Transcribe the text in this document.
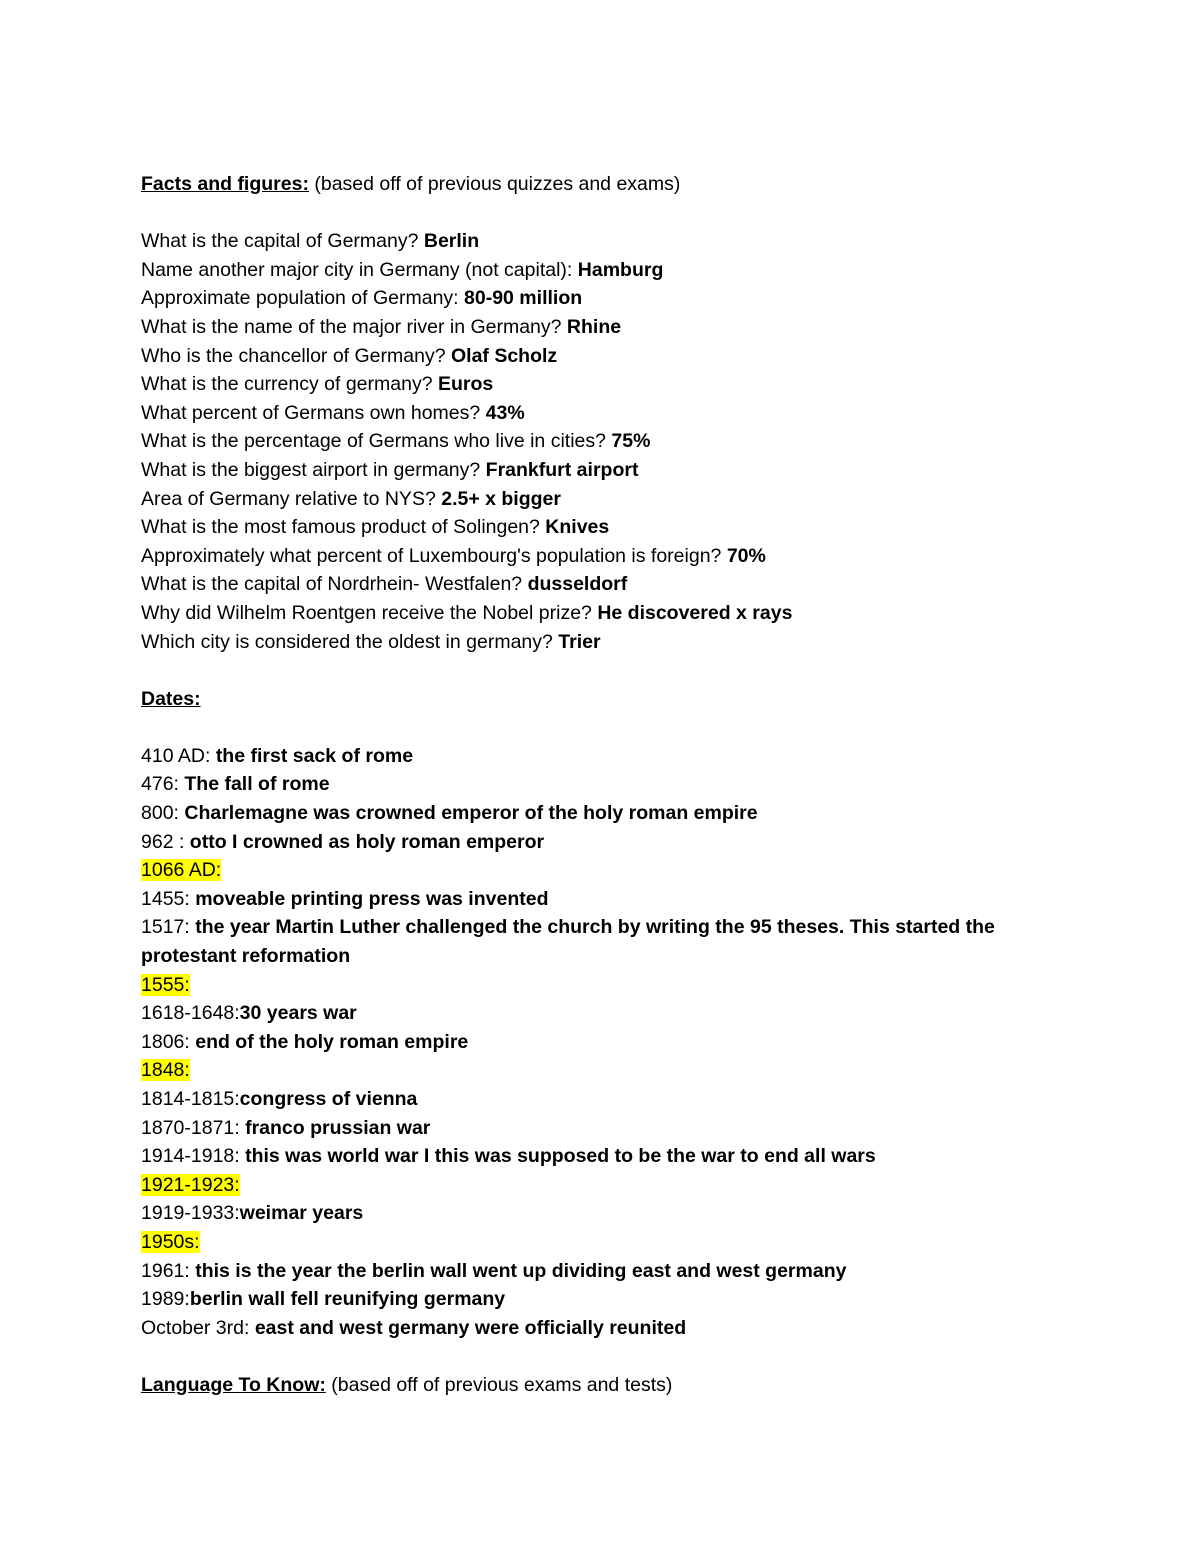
Facts and figures: (based off of previous quizzes and exams)
What is the capital of Germany? Berlin
Name another major city in Germany (not capital): Hamburg
Approximate population of Germany: 80-90 million
What is the name of the major river in Germany? Rhine
Who is the chancellor of Germany? Olaf Scholz
What is the currency of germany? Euros
What percent of Germans own homes? 43%
What is the percentage of Germans who live in cities? 75%
What is the biggest airport in germany? Frankfurt airport
Area of Germany relative to NYS? 2.5+ x bigger
What is the most famous product of Solingen? Knives
Approximately what percent of Luxembourg's population is foreign? 70%
What is the capital of Nordrhein- Westfalen? dusseldorf
Why did Wilhelm Roentgen receive the Nobel prize? He discovered x rays
Which city is considered the oldest in germany? Trier
Dates:
410 AD: the first sack of rome
476: The fall of rome
800: Charlemagne was crowned emperor of the holy roman empire
962 : otto I crowned as holy roman emperor
1066 AD:
1455: moveable printing press was invented
1517: the year Martin Luther challenged the church by writing the 95 theses. This started the protestant reformation
1555:
1618-1648:30 years war
1806: end of the holy roman empire
1848:
1814-1815:congress of vienna
1870-1871: franco prussian war
1914-1918: this was world war I this was supposed to be the war to end all wars
1921-1923:
1919-1933:weimar years
1950s:
1961: this is the year the berlin wall went up dividing east and west germany
1989:berlin wall fell reunifying germany
October 3rd: east and west germany were officially reunited
Language To Know: (based off of previous exams and tests)
